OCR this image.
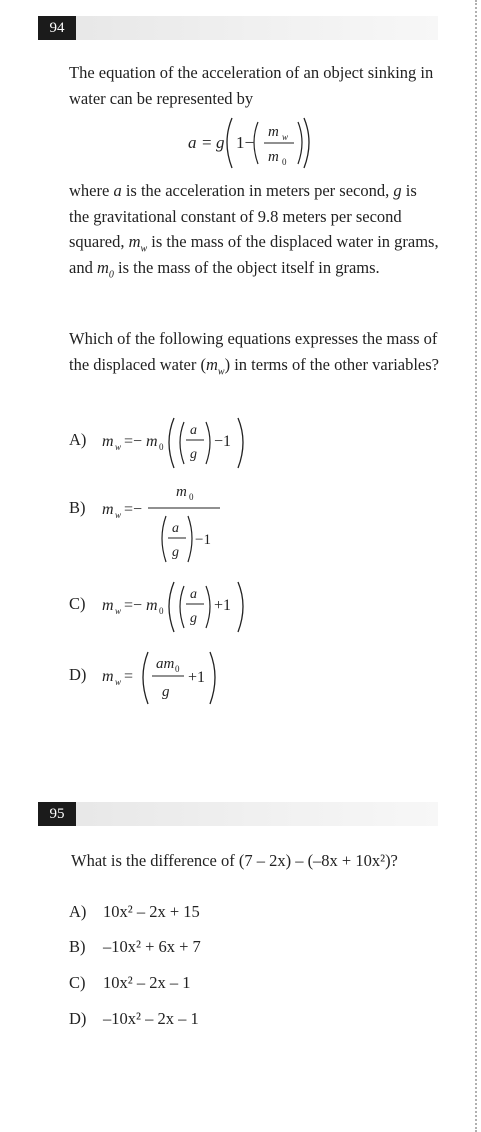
94

The equation of the acceleration of an object sinking in water can be represented by

a = g 1−
m w
m 0

where a is the acceleration in meters per second, g is the gravitational constant of 9.8 meters per second squared, $m_w$ is the mass of the displaced water in grams, and $m_0$ is the mass of the object itself in grams.

Which of the following equations expresses the mass of the displaced water $(m_w)$ in terms of the other variables?

A) m w =− m 0
a
g
−1
B)	m w =−
m 0
a
g
−1
C)	m w =− m 0
a
g
+1
D) m w =
am 0
g
+1
95

What is the difference of (7 – 2x) – (–8x + 10x²)?

A) 10x² – 2x + 15
B) –10x² + 6x + 7
C) 10x² – 2x – 1
D) –10x² – 2x – 1
